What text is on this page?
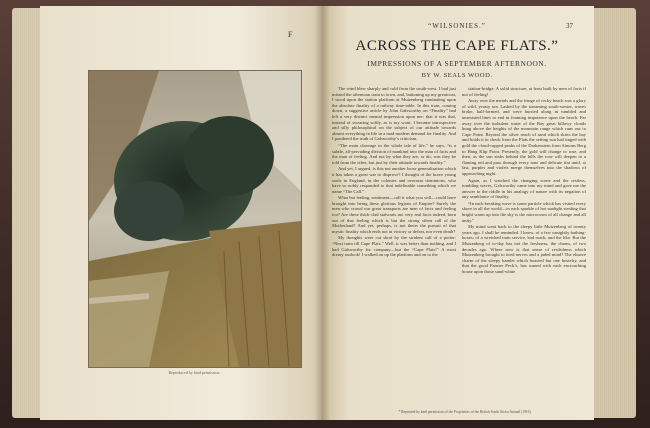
F
Reproduced by kind permission
“WILSONIES.”	37
ACROSS THE CAPE FLATS.”
IMPRESSIONS OF A SEPTEMBER AFTERNOON.
BY W. SEALS WOOD.

The wind blew sharply and cold from the south-west. I had just missed the afternoon train to town, and, buttoning up my greatcoat, I stood upon the station platform at Muizenberg ruminating upon the absolute finality of a railway time-table. In this train, coming down, a suggestive article by John Galsworthy on “Finality” had left a very distinct mental impression upon me: that it was that, instead of swearing softly, as is my wont, I became introspective and silly philosophical on the subject of our attitude towards almost everything in life in a mad modern demand for finality. And I pondered the truth of Galsworthy’s criticism.

“The main cleavage in the whole tale of life,” he says, “is a subtle, all-pervading division of mankind into the man of facts and the man of feeling. And not by what they are, or do, was they be told from the other, but just by their attitude towards finality.”

And yet, I argued, is this not another loose generalisation which it has taken a great war to disprove? I thought of the brave young souls in England, in the colonies and overseas dominions, who have so nobly responded to that indefinable something which we name “The Call.”

What but feeling, sentiment—call it what you will—could have brought into being these glorious legions of Empire? Surely the men who crowd our great transports are men of facts and feeling too? Are these thick-clad stalwarts not very real facts indeed, born out of that feeling which is but the strong silent call of the Motherland? And yet, perhaps, is not theirs the pursuit of that mystic finality which ends not in victory or defeat, nor even death?

My thoughts were cut short by the strident call of a porter: “Next train till Cape Flats.” Well, it was better than nothing, and I had Galsworthy for company—but the “Cape Flats!” A most dreary outlook! I walked on up the platform and on to the

station-bridge. A solid structure, at least built by men of facts if not of feeling!

Away over the metals and the fringe of rocky beach was a glory of wild, yeasty sea. Lashed by the streaming south-wester, waves broke, half-formed, and were hurried along in tumbled and unresisted lines to end in foaming impotence upon the beach. Far away over the turbulent water of the Bay great billowy clouds hung above the heights of the mountain range which runs out to Cape Point. Beyond the silver reach of sand which skirts the bay and holds it in check from the Flats the setting sun had tinged with gold the cloud-capped peaks of the Drakenstein from Simons Berg to Hang Klip Point. Presently, the gold will change to rose, and then, as the sun sinks behind the hills the rose will deepen to a flaming red and pass through every tone and delicate tint until, at last, purples and violets merge themselves into the shadows of approaching night.

Again, as I watched the changing scene and the restless, tumbling waves, Galsworthy came into my mind and gave me the answer to the riddle in his analogy of nature with its negation of any semblance of finality.

“In each breaking wave is some particle which has visited every shore in all the world—in each sparkle of hot sunlight stealing that bright warm up into the sky is the microcosm of all change and all unity.”

My mind went back to the sleepy little Muizenberg of twenty years ago. I shall be reminded. I know, of a few unsightly bathing-boxes; of a wretched train service, bad roads, and the like. But the Muizenberg of to-day has not the freshness, the charm, of two decades ago. Where now is that sense of restfulness which Muizenberg brought to tired nerves and a jaded mind? The elusive charm of the sleepy hamlet which boasted but one hostelry, and that the good Farmer Peck’s, has waned with each encroaching house upon those sand-white

* Reprinted by kind permission of the Proprietors of the British South Africa Annual (1916).
